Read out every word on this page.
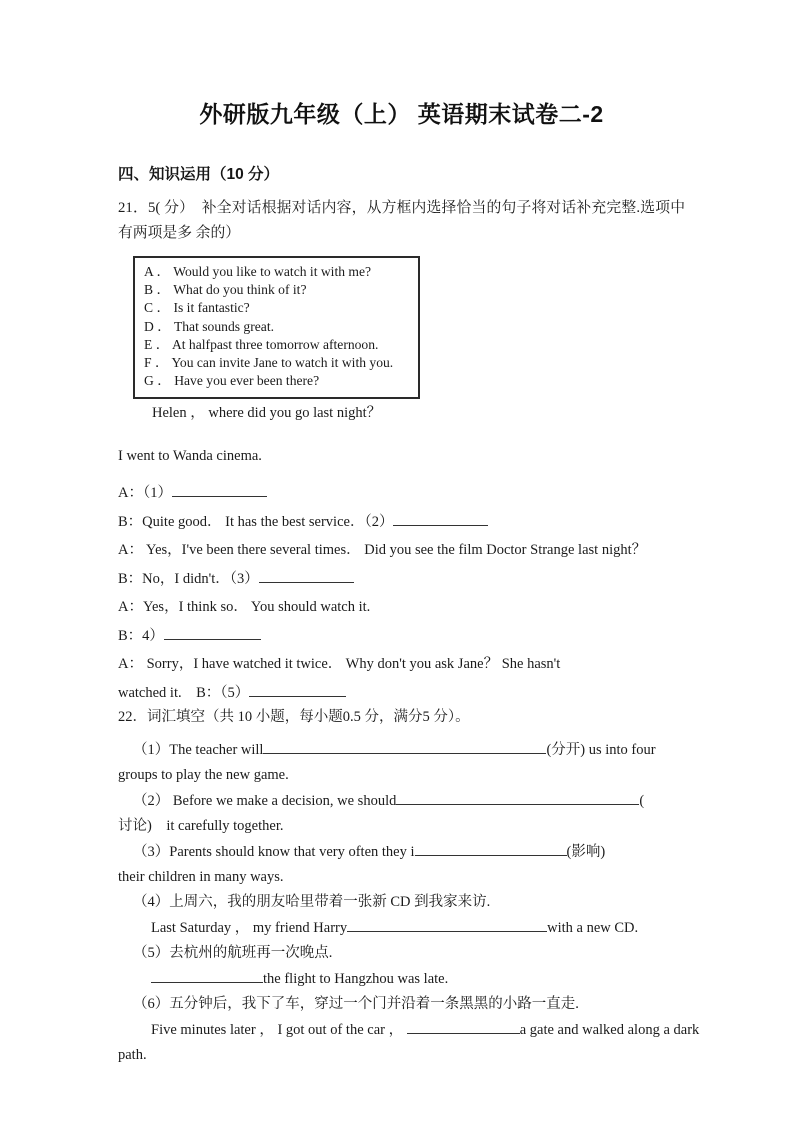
外研版九年级（上） 英语期末试卷二-2
四、知识运用（10 分）

21．5( 分）　补全对话根据对话内容，从方框内选择恰当的句子将对话补充完整.选项中有两项是多 余的）

A ． Would you like to watch it with me?
B ． What do you think of it?
C ． Is it fantastic?
D ． That sounds great.
E ． At halfpast three tomorrow afternoon.
F ． You can invite Jane to watch it with you.
G ． Have you ever been there?
Helen ， where did you go last night？
I went to Wanda cinema.
A：（1）
B：Quite good． It has the best service．（2）
A： Yes，I've been there several times． Did you see the film Doctor Strange last night？
B：No，I didn't．（3）
A：Yes，I think so． You should watch it.
B：4）
A： Sorry，I have watched it twice． Why don't you ask Jane？ She hasn't
watched it.　B：（5）

22．词汇填空（共 10 小题，每小题0.5 分，满分5 分）。

（1）The teacher will	(分开) us into four
groups to play the new game.
（2） Before we make a decision, we should	(
讨论)　it carefully together.
（3）Parents should know that very often they i	(影响)
their children in many ways.
（4）上周六，我的朋友哈里带着一张新 CD 到我家来访.
Last Saturday ， my friend Harry	with a new CD.
（5）去杭州的航班再一次晚点.
the flight to Hangzhou was late.
（6）五分钟后，我下了车，穿过一个门并沿着一条黑黑的小路一直走.
Five minutes later ， I got out of the car ，	a gate and walked along a dark
path.
